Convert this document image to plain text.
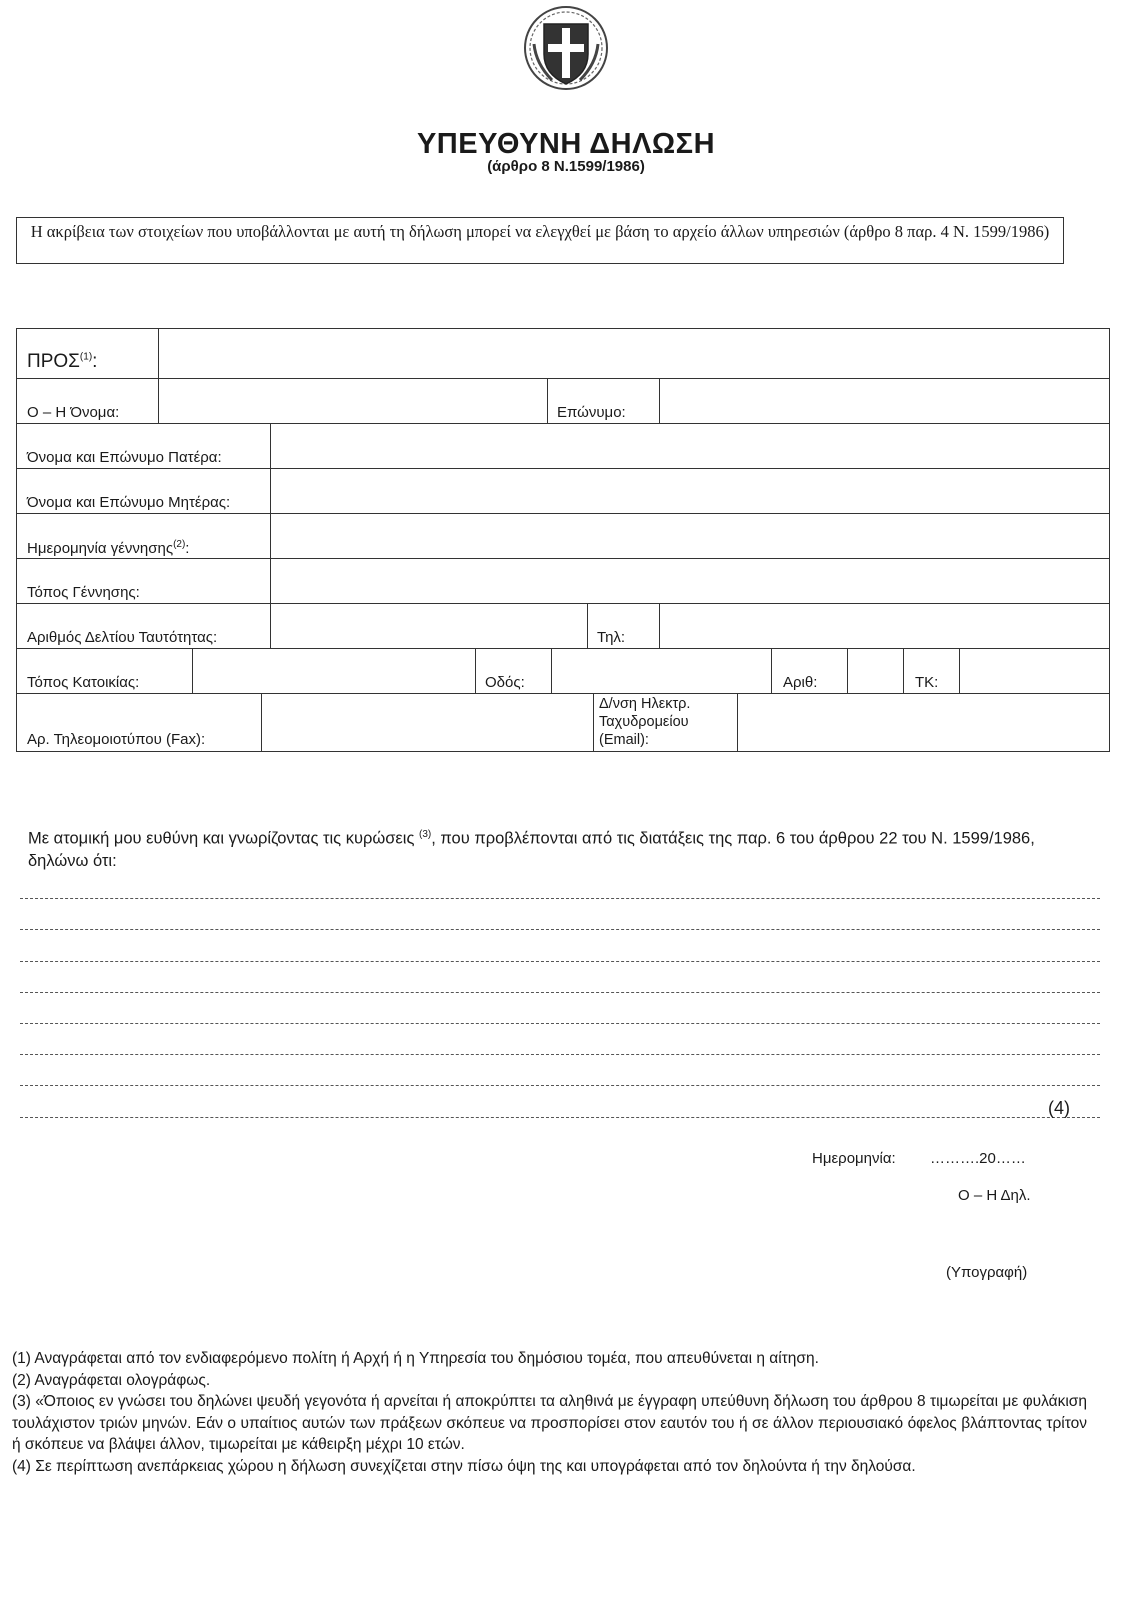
ΥΠΕΥΘΥΝΗ ΔΗΛΩΣΗ
(άρθρο 8 Ν.1599/1986)
Η ακρίβεια των στοιχείων που υποβάλλονται με αυτή τη δήλωση μπορεί να ελεγχθεί με βάση το αρχείο άλλων υπηρεσιών (άρθρο 8 παρ. 4 Ν. 1599/1986)
ΠΡΟΣ$^{(1)}$:
Ο – Η Όνομα:	Επώνυμο:
Όνομα και Επώνυμο Πατέρα:
Όνομα και Επώνυμο Μητέρας:
Ημερομηνία γέννησης$^{(2)}$:
Τόπος Γέννησης:
Αριθμός Δελτίου Ταυτότητας:	Τηλ:
Τόπος Κατοικίας:	Οδός:	Αριθ:	ΤΚ:
Αρ. Τηλεομοιοτύπου (Fax):
Δ/νση Ηλεκτρ.
Ταχυδρομείου
(Email):
Με ατομική μου ευθύνη και γνωρίζοντας τις κυρώσεις $^{(3)}$, που προβλέπονται από τις διατάξεις της παρ. 6 του άρθρου 22 του Ν. 1599/1986, δηλώνω ότι:
(4)
Ημερομηνία: ……….20……
Ο – Η Δηλ.
(Υπογραφή)

(1) Αναγράφεται από τον ενδιαφερόμενο πολίτη ή Αρχή ή η Υπηρεσία του δημόσιου τομέα, που απευθύνεται η αίτηση.

(2) Αναγράφεται ολογράφως.

(3) «Όποιος εν γνώσει του δηλώνει ψευδή γεγονότα ή αρνείται ή αποκρύπτει τα αληθινά με έγγραφη υπεύθυνη δήλωση του άρθρου 8 τιμωρείται με φυλάκιση τουλάχιστον τριών μηνών. Εάν ο υπαίτιος αυτών των πράξεων σκόπευε να προσπορίσει στον εαυτόν του ή σε άλλον περιουσιακό όφελος βλάπτοντας τρίτον ή σκόπευε να βλάψει άλλον, τιμωρείται με κάθειρξη μέχρι 10 ετών.

(4) Σε περίπτωση ανεπάρκειας χώρου η δήλωση συνεχίζεται στην πίσω όψη της και υπογράφεται από τον δηλούντα ή την δηλούσα.
